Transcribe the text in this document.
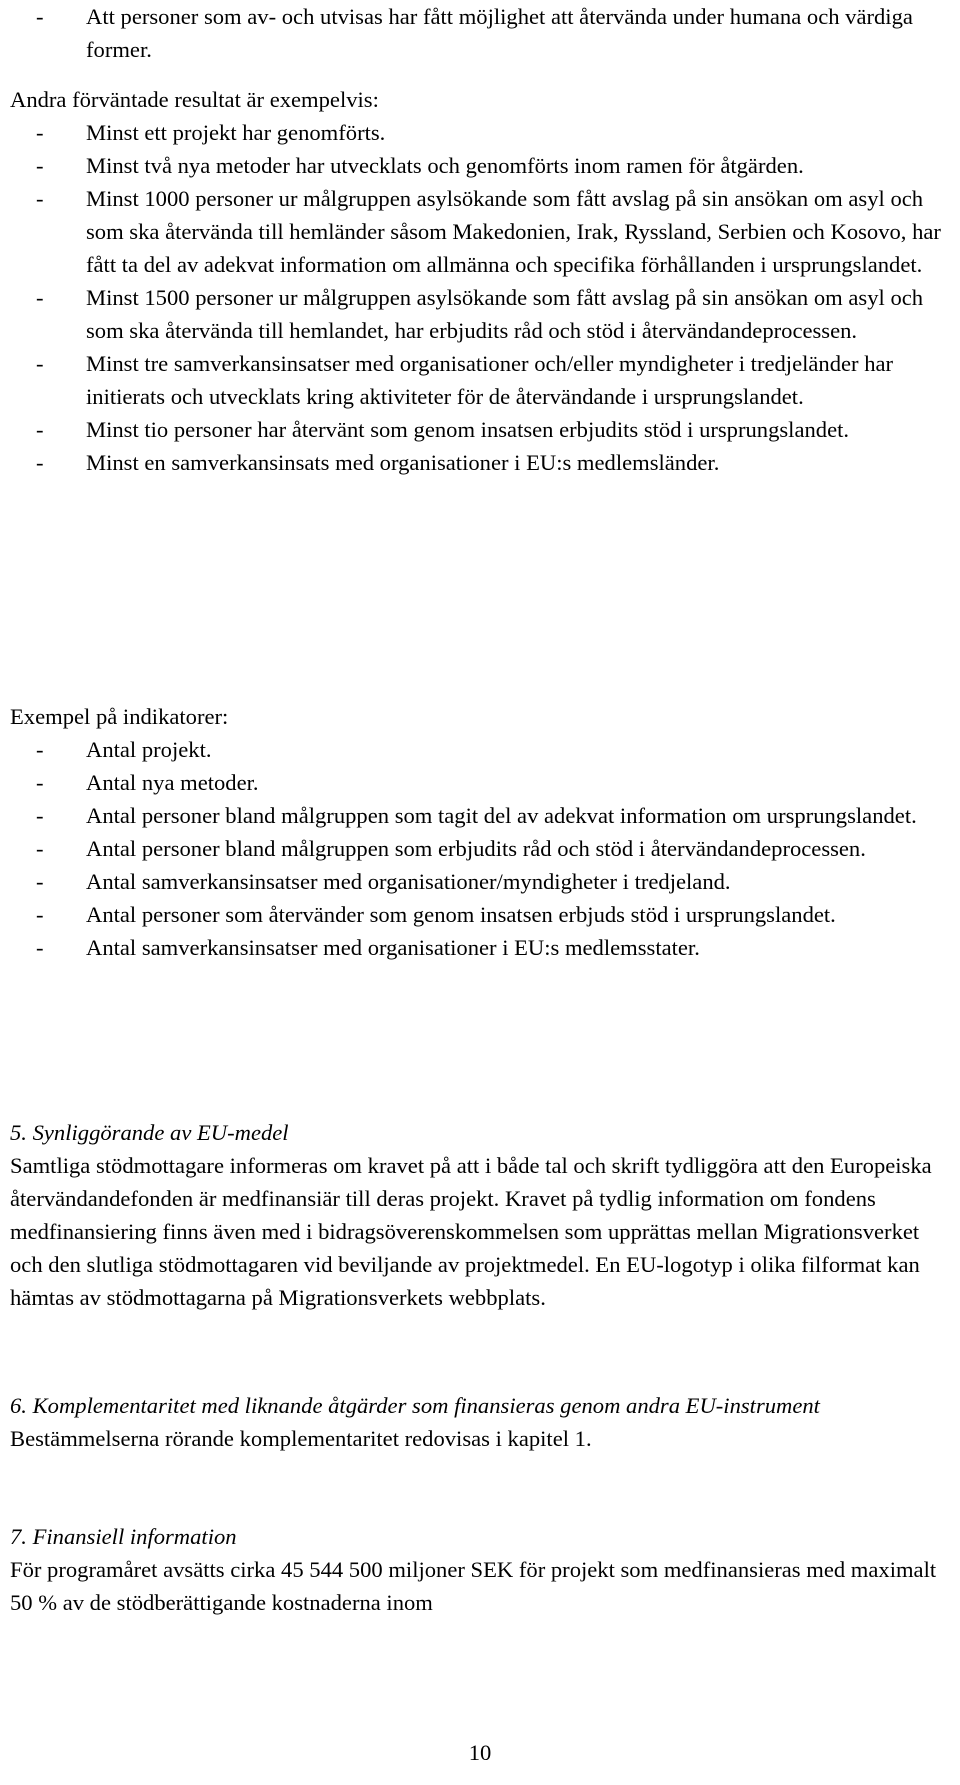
- Att personer som av- och utvisas har fått möjlighet att återvända under humana och värdiga former.

Andra förväntade resultat är exempelvis:

- Minst ett projekt har genomförts.
- Minst två nya metoder har utvecklats och genomförts inom ramen för åtgärden.
- Minst 1000 personer ur målgruppen asylsökande som fått avslag på sin ansökan om asyl och som ska återvända till hemländer såsom Makedonien, Irak, Ryssland, Serbien och Kosovo, har fått ta del av adekvat information om allmänna och specifika förhållanden i ursprungslandet.
- Minst 1500 personer ur målgruppen asylsökande som fått avslag på sin ansökan om asyl och som ska återvända till hemlandet, har erbjudits råd och stöd i återvändandeprocessen.
- Minst tre samverkansinsatser med organisationer och/eller myndigheter i tredjeländer har initierats och utvecklats kring aktiviteter för de återvändande i ursprungslandet.
- Minst tio personer har återvänt som genom insatsen erbjudits stöd i ursprungslandet.
- Minst en samverkansinsats med organisationer i EU:s medlemsländer.

Exempel på indikatorer:

- Antal projekt.
- Antal nya metoder.
- Antal personer bland målgruppen som tagit del av adekvat information om ursprungslandet.
- Antal personer bland målgruppen som erbjudits råd och stöd i återvändandeprocessen.
- Antal samverkansinsatser med organisationer/myndigheter i tredjeland.
- Antal personer som återvänder som genom insatsen erbjuds stöd i ursprungslandet.
- Antal samverkansinsatser med organisationer i EU:s medlemsstater.

5. Synliggörande av EU-medel

Samtliga stödmottagare informeras om kravet på att i både tal och skrift tydliggöra att den Europeiska återvändandefonden är medfinansiär till deras projekt. Kravet på tydlig information om fondens medfinansiering finns även med i bidragsöverenskommelsen som upprättas mellan Migrationsverket och den slutliga stödmottagaren vid beviljande av projektmedel. En EU-logotyp i olika filformat kan hämtas av stödmottagarna på Migrationsverkets webbplats.

6. Komplementaritet med liknande åtgärder som finansieras genom andra EU-instrument

Bestämmelserna rörande komplementaritet redovisas i kapitel 1.

7. Finansiell information

För programåret avsätts cirka 45 544 500 miljoner SEK för projekt som medfinansieras med maximalt 50 % av de stödberättigande kostnaderna inom

10
